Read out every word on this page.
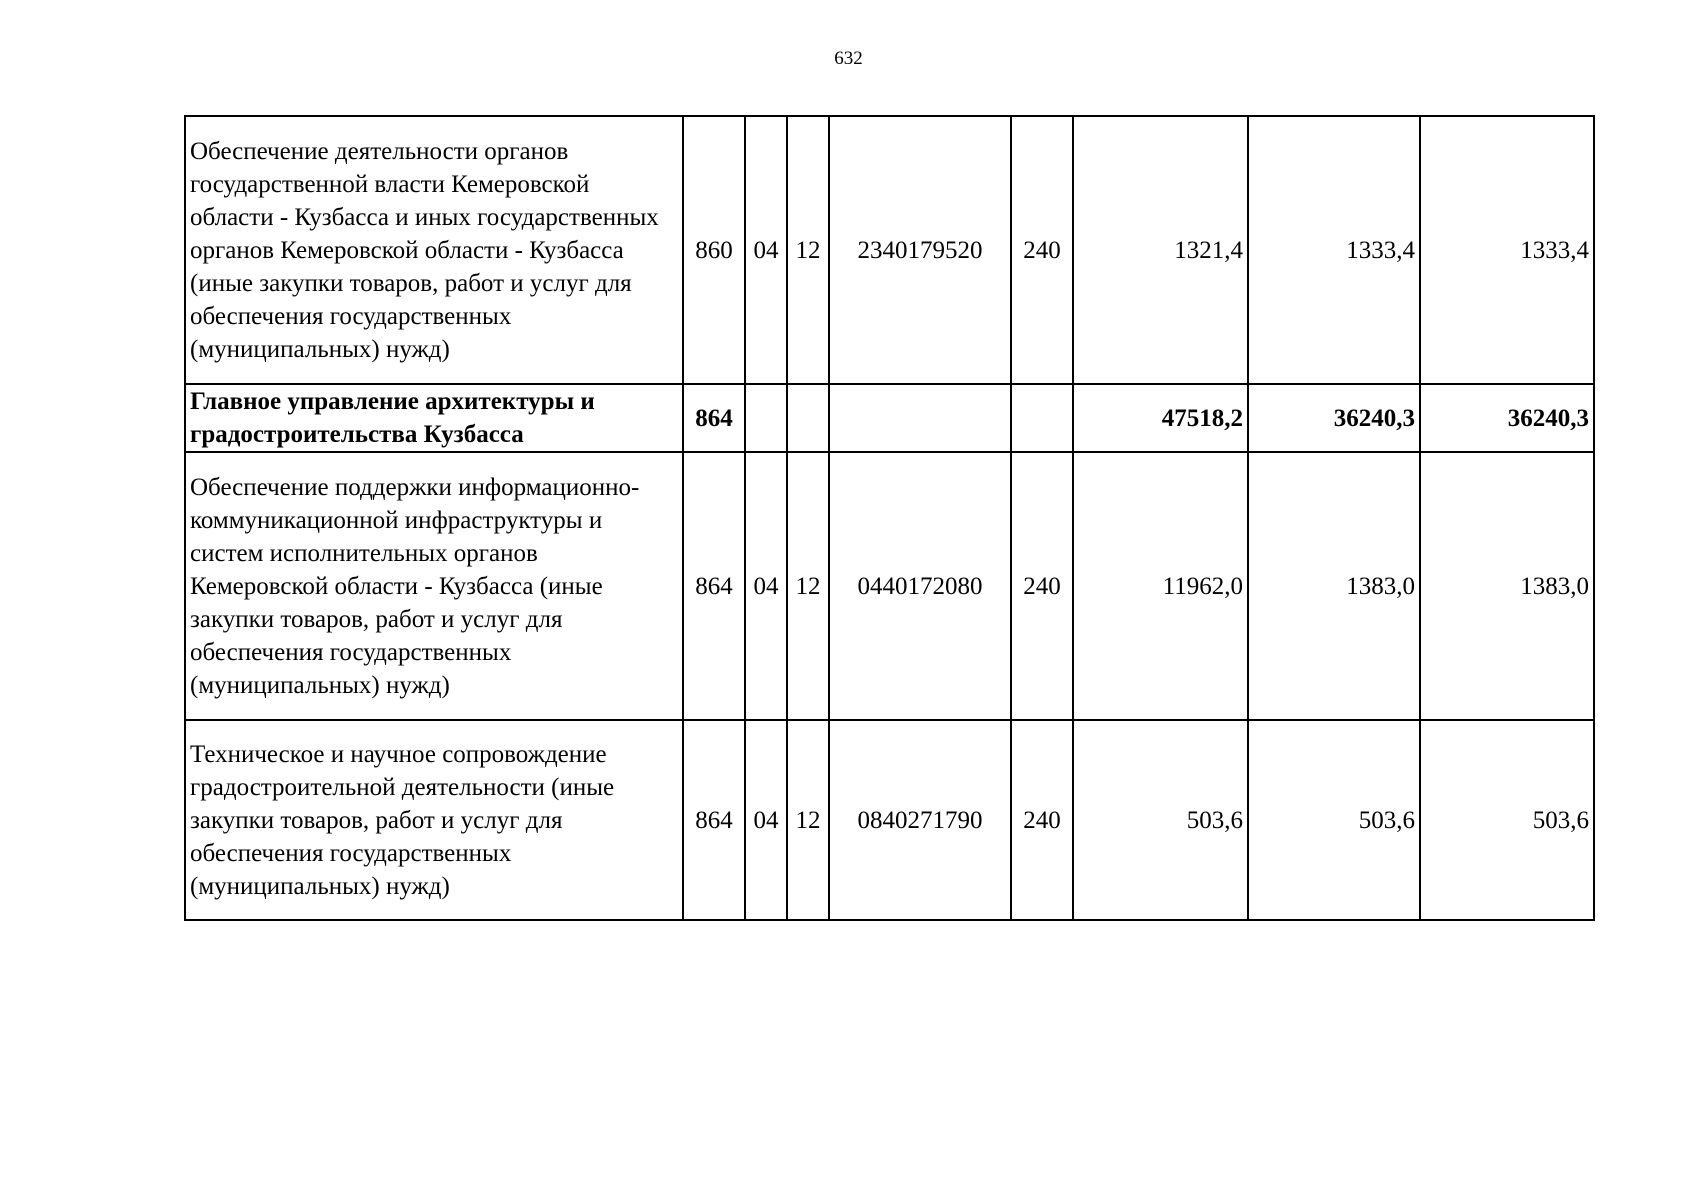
632
Обеспечение деятельности органов государственной власти Кемеровской области - Кузбасса и иных государственных органов Кемеровской области - Кузбасса (иные закупки товаров, работ и услуг для обеспечения государственных (муниципальных) нужд)	860	04	12	2340179520	240	1321,4	1333,4	1333,4
Главное управление архитектуры и градостроительства Кузбасса	864					47518,2	36240,3	36240,3
Обеспечение поддержки информационно-коммуникационной инфраструктуры и систем исполнительных органов Кемеровской области - Кузбасса (иные закупки товаров, работ и услуг для обеспечения государственных (муниципальных) нужд)	864	04	12	0440172080	240	11962,0	1383,0	1383,0
Техническое и научное сопровождение градостроительной деятельности (иные закупки товаров, работ и услуг для обеспечения государственных (муниципальных) нужд)	864	04	12	0840271790	240	503,6	503,6	503,6
